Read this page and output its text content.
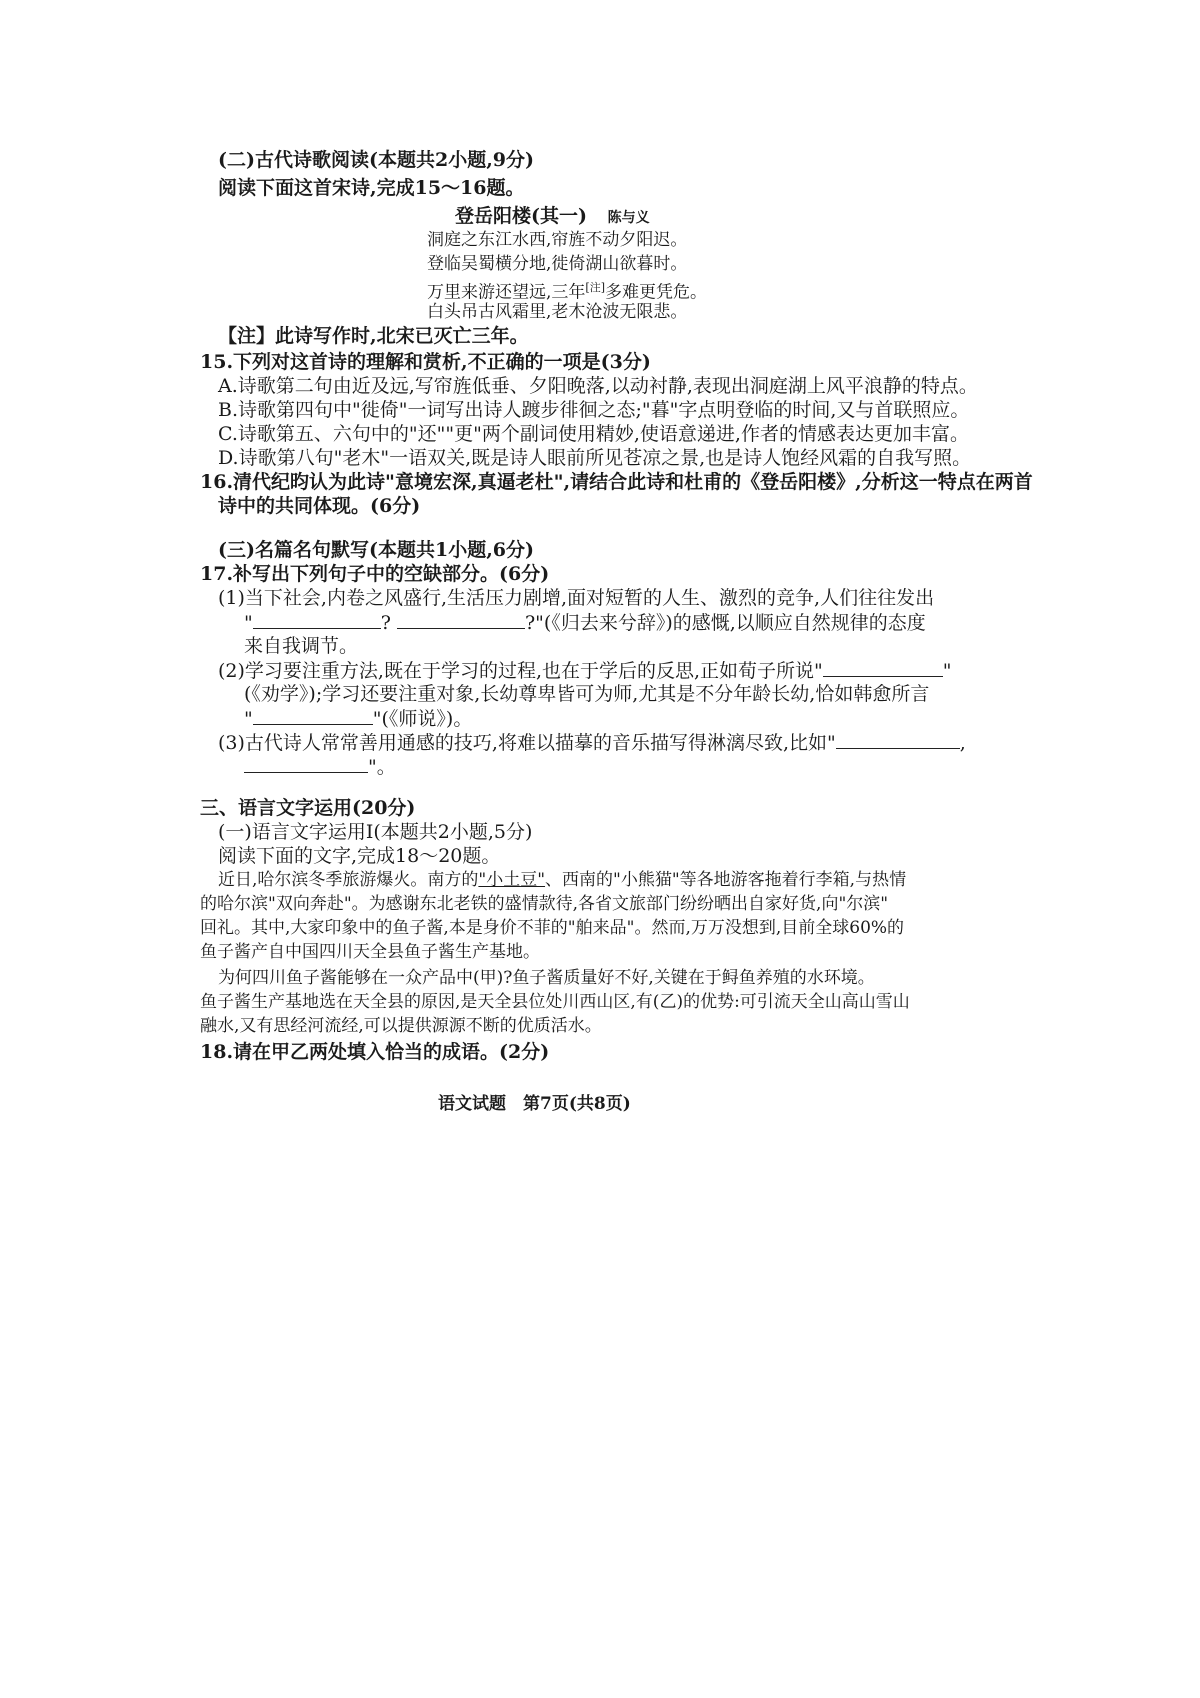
(二)古代诗歌阅读(本题共2小题,9分)
阅读下面这首宋诗,完成15～16题。
登岳阳楼(其一) 陈与义
洞庭之东江水西,帘旌不动夕阳迟。
登临吴蜀横分地,徙倚湖山欲暮时。
万里来游还望远,三年[注]多难更凭危。
白头吊古风霜里,老木沧波无限悲。
【注】此诗写作时,北宋已灭亡三年。
15.下列对这首诗的理解和赏析,不正确的一项是(3分)
A.诗歌第二句由近及远,写帘旌低垂、夕阳晚落,以动衬静,表现出洞庭湖上风平浪静的特点。
B.诗歌第四句中"徙倚"一词写出诗人踱步徘徊之态;"暮"字点明登临的时间,又与首联照应。
C.诗歌第五、六句中的"还""更"两个副词使用精妙,使语意递进,作者的情感表达更加丰富。
D.诗歌第八句"老木"一语双关,既是诗人眼前所见苍凉之景,也是诗人饱经风霜的自我写照。
16.清代纪昀认为此诗"意境宏深,真逼老杜",请结合此诗和杜甫的《登岳阳楼》,分析这一特点在两首
诗中的共同体现。(6分)
(三)名篇名句默写(本题共1小题,6分)
17.补写出下列句子中的空缺部分。(6分)
(1)当下社会,内卷之风盛行,生活压力剧增,面对短暂的人生、激烈的竞争,人们往往发出
"	?	?"(《归去来兮辞》)的感慨,以顺应自然规律的态度
来自我调节。
(2)学习要注重方法,既在于学习的过程,也在于学后的反思,正如荀子所说"	"
(《劝学》);学习还要注重对象,长幼尊卑皆可为师,尤其是不分年龄长幼,恰如韩愈所言
"	"(《师说》)。
(3)古代诗人常常善用通感的技巧,将难以描摹的音乐描写得淋漓尽致,比如"	,
"。
三、语言文字运用(20分)
(一)语言文字运用Ⅰ(本题共2小题,5分)
阅读下面的文字,完成18～20题。
近日,哈尔滨冬季旅游爆火。南方的"小土豆"、西南的"小熊猫"等各地游客拖着行李箱,与热情
的哈尔滨"双向奔赴"。为感谢东北老铁的盛情款待,各省文旅部门纷纷晒出自家好货,向"尔滨"
回礼。其中,大家印象中的鱼子酱,本是身价不菲的"舶来品"。然而,万万没想到,目前全球60%的
鱼子酱产自中国四川天全县鱼子酱生产基地。
为何四川鱼子酱能够在一众产品中(甲)?鱼子酱质量好不好,关键在于鲟鱼养殖的水环境。
鱼子酱生产基地选在天全县的原因,是天全县位处川西山区,有(乙)的优势:可引流天全山高山雪山
融水,又有思经河流经,可以提供源源不断的优质活水。
18.请在甲乙两处填入恰当的成语。(2分)
语文试题　第7页(共8页)
